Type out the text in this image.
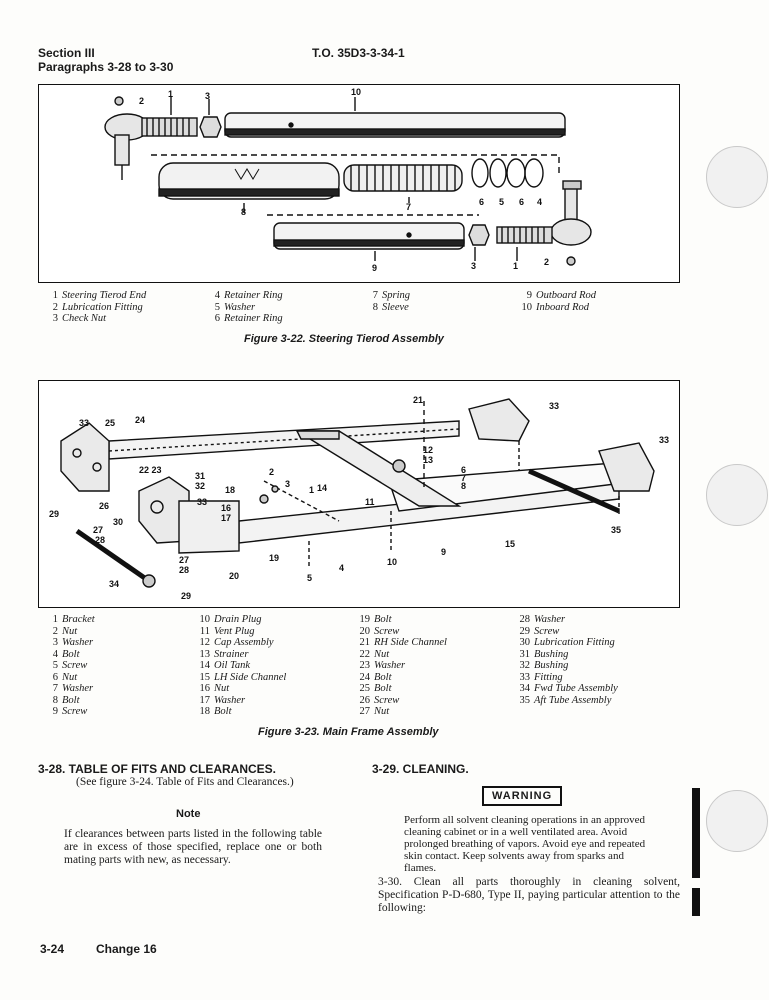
Section III
Paragraphs 3-28 to 3-30
T.O. 35D3-3-34-1
2
1	3	10
8	7	6 5 6 4
9	3	1	2
1 Steering Tierod End
2 Lubrication Fitting
3 Check Nut
4 Retainer Ring
5 Washer
6 Retainer Ring
7 Spring
8 Sleeve
9 Outboard Rod
10 Inboard Rod
Figure 3-22. Steering Tierod Assembly
33 25 24
22 23
31
32
33
26
29
27
28
30
27
28
34
29
20
19
5
4
2
3
1 14
18
16
17
21
12
13
6
7
8
11
9
10
15
33
33
35
1 Bracket
2 Nut
3 Washer
4 Bolt
5 Screw
6 Nut
7 Washer
8 Bolt
9 Screw
10 Drain Plug
11 Vent Plug
12 Cap Assembly
13 Strainer
14 Oil Tank
15 LH Side Channel
16 Nut
17 Washer
18 Bolt
19 Bolt
20 Screw
21 RH Side Channel
22 Nut
23 Washer
24 Bolt
25 Bolt
26 Screw
27 Nut
28 Washer
29 Screw
30 Lubrication Fitting
31 Bushing
32 Bushing
33 Fitting
34 Fwd Tube Assembly
35 Aft Tube Assembly
Figure 3-23. Main Frame Assembly
3-28. TABLE OF FITS AND CLEARANCES.
(See figure 3-24. Table of Fits and Clearances.)
Note
If clearances between parts listed in the following table are in excess of those specified, replace one or both mating parts with new, as necessary.
3-29. CLEANING.
WARNING
Perform all solvent cleaning operations in an approved cleaning cabinet or in a well ventilated area. Avoid prolonged breathing of vapors. Avoid eye and repeated skin contact. Keep solvents away from sparks and flames.
3-30. Clean all parts thoroughly in cleaning solvent, Specification P-D-680, Type II, paying particular attention to the following:
3-24	Change 16
